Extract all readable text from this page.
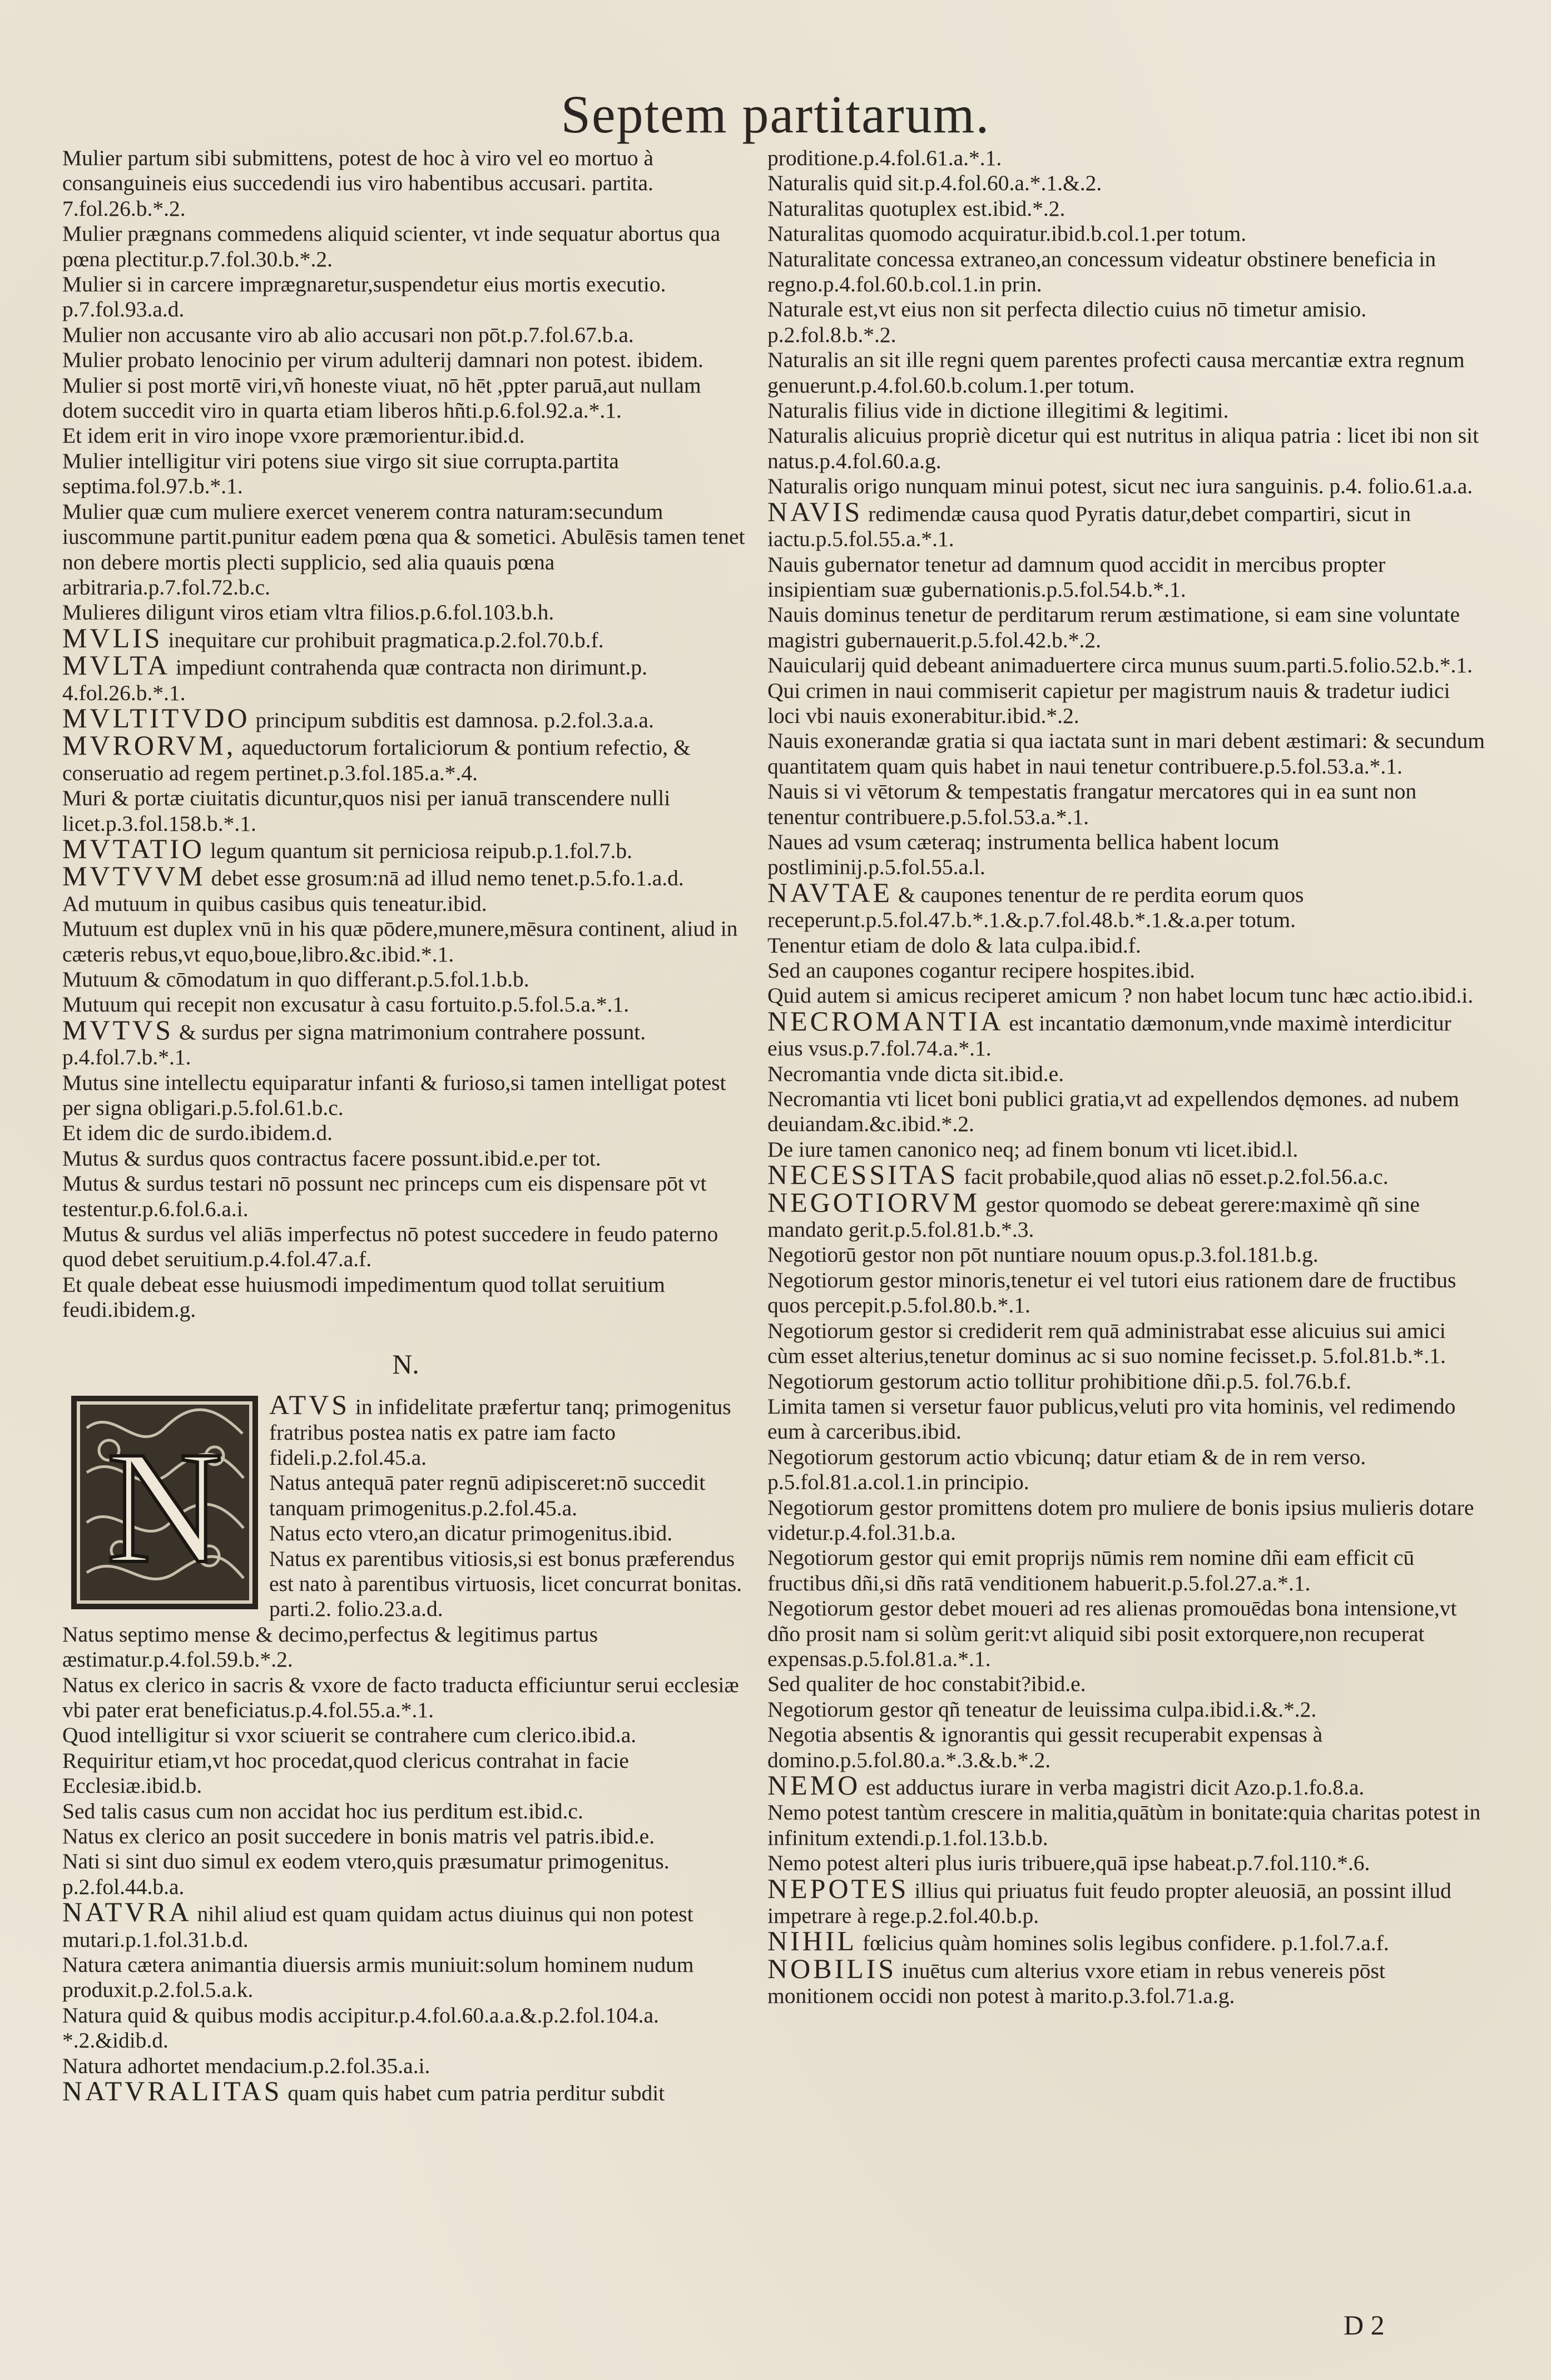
Septem partitarum.

Mulier partum sibi submittens, potest de hoc à viro vel eo mortuo à consanguineis eius succedendi ius viro habentibus accusari. partita. 7.fol.26.b.*.2.

Mulier prægnans commedens aliquid scienter, vt inde sequatur abortus qua pœna plectitur.p.7.fol.30.b.*.2.

Mulier si in carcere imprægnaretur,suspendetur eius mortis executio. p.7.fol.93.a.d.

Mulier non accusante viro ab alio accusari non pōt.p.7.fol.67.b.a.

Mulier probato lenocinio per virum adulterij damnari non potest. ibidem.

Mulier si post mortē viri,vñ honeste viuat, nō hēt ,ppter paruā,aut nullam dotem succedit viro in quarta etiam liberos hñti.p.6.fol.92.a.*.1.

Et idem erit in viro inope vxore præmorientur.ibid.d.

Mulier intelligitur viri potens siue virgo sit siue corrupta.partita septima.fol.97.b.*.1.

Mulier quæ cum muliere exercet venerem contra naturam:secundum iuscommune partit.punitur eadem pœna qua & sometici. Abulēsis tamen tenet non debere mortis plecti supplicio, sed alia quauis pœna arbitraria.p.7.fol.72.b.c.

Mulieres diligunt viros etiam vltra filios.p.6.fol.103.b.h.

MVLIS inequitare cur prohibuit pragmatica.p.2.fol.70.b.f.

MVLTA impediunt contrahenda quæ contracta non dirimunt.p. 4.fol.26.b.*.1.

MVLTITVDO principum subditis est damnosa. p.2.fol.3.a.a.

MVRORVM, aqueductorum fortaliciorum & pontium refectio, & conseruatio ad regem pertinet.p.3.fol.185.a.*.4.

Muri & portæ ciuitatis dicuntur,quos nisi per ianuā transcendere nulli licet.p.3.fol.158.b.*.1.

MVTATIO legum quantum sit perniciosa reipub.p.1.fol.7.b.

MVTVVM debet esse grosum:nā ad illud nemo tenet.p.5.fo.1.a.d.

Ad mutuum in quibus casibus quis teneatur.ibid.

Mutuum est duplex vnū in his quæ pōdere,munere,mēsura continent, aliud in cæteris rebus,vt equo,boue,libro.&c.ibid.*.1.

Mutuum & cōmodatum in quo differant.p.5.fol.1.b.b.

Mutuum qui recepit non excusatur à casu fortuito.p.5.fol.5.a.*.1.

MVTVS & surdus per signa matrimonium contrahere possunt. p.4.fol.7.b.*.1.

Mutus sine intellectu equiparatur infanti & furioso,si tamen intelligat potest per signa obligari.p.5.fol.61.b.c.

Et idem dic de surdo.ibidem.d.

Mutus & surdus quos contractus facere possunt.ibid.e.per tot.

Mutus & surdus testari nō possunt nec princeps cum eis dispensare pōt vt testentur.p.6.fol.6.a.i.

Mutus & surdus vel aliās imperfectus nō potest succedere in feudo paterno quod debet seruitium.p.4.fol.47.a.f.

Et quale debeat esse huiusmodi impedimentum quod tollat seruitium feudi.ibidem.g.

N.
N

ATVS in infidelitate præfertur tanq; primogenitus fratribus postea natis ex patre iam facto fideli.p.2.fol.45.a.

Natus antequā pater regnū adipisceret:nō succedit tanquam primogenitus.p.2.fol.45.a.

Natus ecto vtero,an dicatur primogenitus.ibid.

Natus ex parentibus vitiosis,si est bonus præferendus est nato à parentibus virtuosis, licet concurrat bonitas. parti.2. folio.23.a.d.

Natus septimo mense & decimo,perfectus & legitimus partus æstimatur.p.4.fol.59.b.*.2.

Natus ex clerico in sacris & vxore de facto traducta efficiuntur serui ecclesiæ vbi pater erat beneficiatus.p.4.fol.55.a.*.1.

Quod intelligitur si vxor sciuerit se contrahere cum clerico.ibid.a.

Requiritur etiam,vt hoc procedat,quod clericus contrahat in facie Ecclesiæ.ibid.b.

Sed talis casus cum non accidat hoc ius perditum est.ibid.c.

Natus ex clerico an posit succedere in bonis matris vel patris.ibid.e.

Nati si sint duo simul ex eodem vtero,quis præsumatur primogenitus. p.2.fol.44.b.a.

NATVRA nihil aliud est quam quidam actus diuinus qui non potest mutari.p.1.fol.31.b.d.

Natura cætera animantia diuersis armis muniuit:solum hominem nudum produxit.p.2.fol.5.a.k.

Natura quid & quibus modis accipitur.p.4.fol.60.a.a.&.p.2.fol.104.a. *.2.&idib.d.

Natura adhortet mendacium.p.2.fol.35.a.i.

NATVRALITAS quam quis habet cum patria perditur subdit

proditione.p.4.fol.61.a.*.1.

Naturalis quid sit.p.4.fol.60.a.*.1.&.2.

Naturalitas quotuplex est.ibid.*.2.

Naturalitas quomodo acquiratur.ibid.b.col.1.per totum.

Naturalitate concessa extraneo,an concessum videatur obstinere beneficia in regno.p.4.fol.60.b.col.1.in prin.

Naturale est,vt eius non sit perfecta dilectio cuius nō timetur amisio. p.2.fol.8.b.*.2.

Naturalis an sit ille regni quem parentes profecti causa mercantiæ extra regnum genuerunt.p.4.fol.60.b.colum.1.per totum.

Naturalis filius vide in dictione illegitimi & legitimi.

Naturalis alicuius propriè dicetur qui est nutritus in aliqua patria : licet ibi non sit natus.p.4.fol.60.a.g.

Naturalis origo nunquam minui potest, sicut nec iura sanguinis. p.4. folio.61.a.a.

NAVIS redimendæ causa quod Pyratis datur,debet compartiri, sicut in iactu.p.5.fol.55.a.*.1.

Nauis gubernator tenetur ad damnum quod accidit in mercibus propter insipientiam suæ gubernationis.p.5.fol.54.b.*.1.

Nauis dominus tenetur de perditarum rerum æstimatione, si eam sine voluntate magistri gubernauerit.p.5.fol.42.b.*.2.

Nauicularij quid debeant animaduertere circa munus suum.parti.5.folio.52.b.*.1.

Qui crimen in naui commiserit capietur per magistrum nauis & tradetur iudici loci vbi nauis exonerabitur.ibid.*.2.

Nauis exonerandæ gratia si qua iactata sunt in mari debent æstimari: & secundum quantitatem quam quis habet in naui tenetur contribuere.p.5.fol.53.a.*.1.

Nauis si vi vētorum & tempestatis frangatur mercatores qui in ea sunt non tenentur contribuere.p.5.fol.53.a.*.1.

Naues ad vsum cæteraq; instrumenta bellica habent locum postliminij.p.5.fol.55.a.l.

NAVTAE & caupones tenentur de re perdita eorum quos receperunt.p.5.fol.47.b.*.1.&.p.7.fol.48.b.*.1.&.a.per totum.

Tenentur etiam de dolo & lata culpa.ibid.f.

Sed an caupones cogantur recipere hospites.ibid.

Quid autem si amicus reciperet amicum ? non habet locum tunc hæc actio.ibid.i.

NECROMANTIA est incantatio dæmonum,vnde maximè interdicitur eius vsus.p.7.fol.74.a.*.1.

Necromantia vnde dicta sit.ibid.e.

Necromantia vti licet boni publici gratia,vt ad expellendos dęmones. ad nubem deuiandam.&c.ibid.*.2.

De iure tamen canonico neq; ad finem bonum vti licet.ibid.l.

NECESSITAS facit probabile,quod alias nō esset.p.2.fol.56.a.c.

NEGOTIORVM gestor quomodo se debeat gerere:maximè qñ sine mandato gerit.p.5.fol.81.b.*.3.

Negotiorū gestor non pōt nuntiare nouum opus.p.3.fol.181.b.g.

Negotiorum gestor minoris,tenetur ei vel tutori eius rationem dare de fructibus quos percepit.p.5.fol.80.b.*.1.

Negotiorum gestor si crediderit rem quā administrabat esse alicuius sui amici cùm esset alterius,tenetur dominus ac si suo nomine fecisset.p. 5.fol.81.b.*.1.

Negotiorum gestorum actio tollitur prohibitione dñi.p.5. fol.76.b.f.

Limita tamen si versetur fauor publicus,veluti pro vita hominis, vel redimendo eum à carceribus.ibid.

Negotiorum gestorum actio vbicunq; datur etiam & de in rem verso. p.5.fol.81.a.col.1.in principio.

Negotiorum gestor promittens dotem pro muliere de bonis ipsius mulieris dotare videtur.p.4.fol.31.b.a.

Negotiorum gestor qui emit proprijs nūmis rem nomine dñi eam efficit cū fructibus dñi,si dñs ratā venditionem habuerit.p.5.fol.27.a.*.1.

Negotiorum gestor debet moueri ad res alienas promouēdas bona intensione,vt dño prosit nam si solùm gerit:vt aliquid sibi posit extorquere,non recuperat expensas.p.5.fol.81.a.*.1.

Sed qualiter de hoc constabit?ibid.e.

Negotiorum gestor qñ teneatur de leuissima culpa.ibid.i.&.*.2.

Negotia absentis & ignorantis qui gessit recuperabit expensas à domino.p.5.fol.80.a.*.3.&.b.*.2.

NEMO est adductus iurare in verba magistri dicit Azo.p.1.fo.8.a.

Nemo potest tantùm crescere in malitia,quātùm in bonitate:quia charitas potest in infinitum extendi.p.1.fol.13.b.b.

Nemo potest alteri plus iuris tribuere,quā ipse habeat.p.7.fol.110.*.6.

NEPOTES illius qui priuatus fuit feudo propter aleuosiā, an possint illud impetrare à rege.p.2.fol.40.b.p.

NIHIL fœlicius quàm homines solis legibus confidere. p.1.fol.7.a.f.

NOBILIS inuētus cum alterius vxore etiam in rebus venereis pōst monitionem occidi non potest à marito.p.3.fol.71.a.g.

D 2
